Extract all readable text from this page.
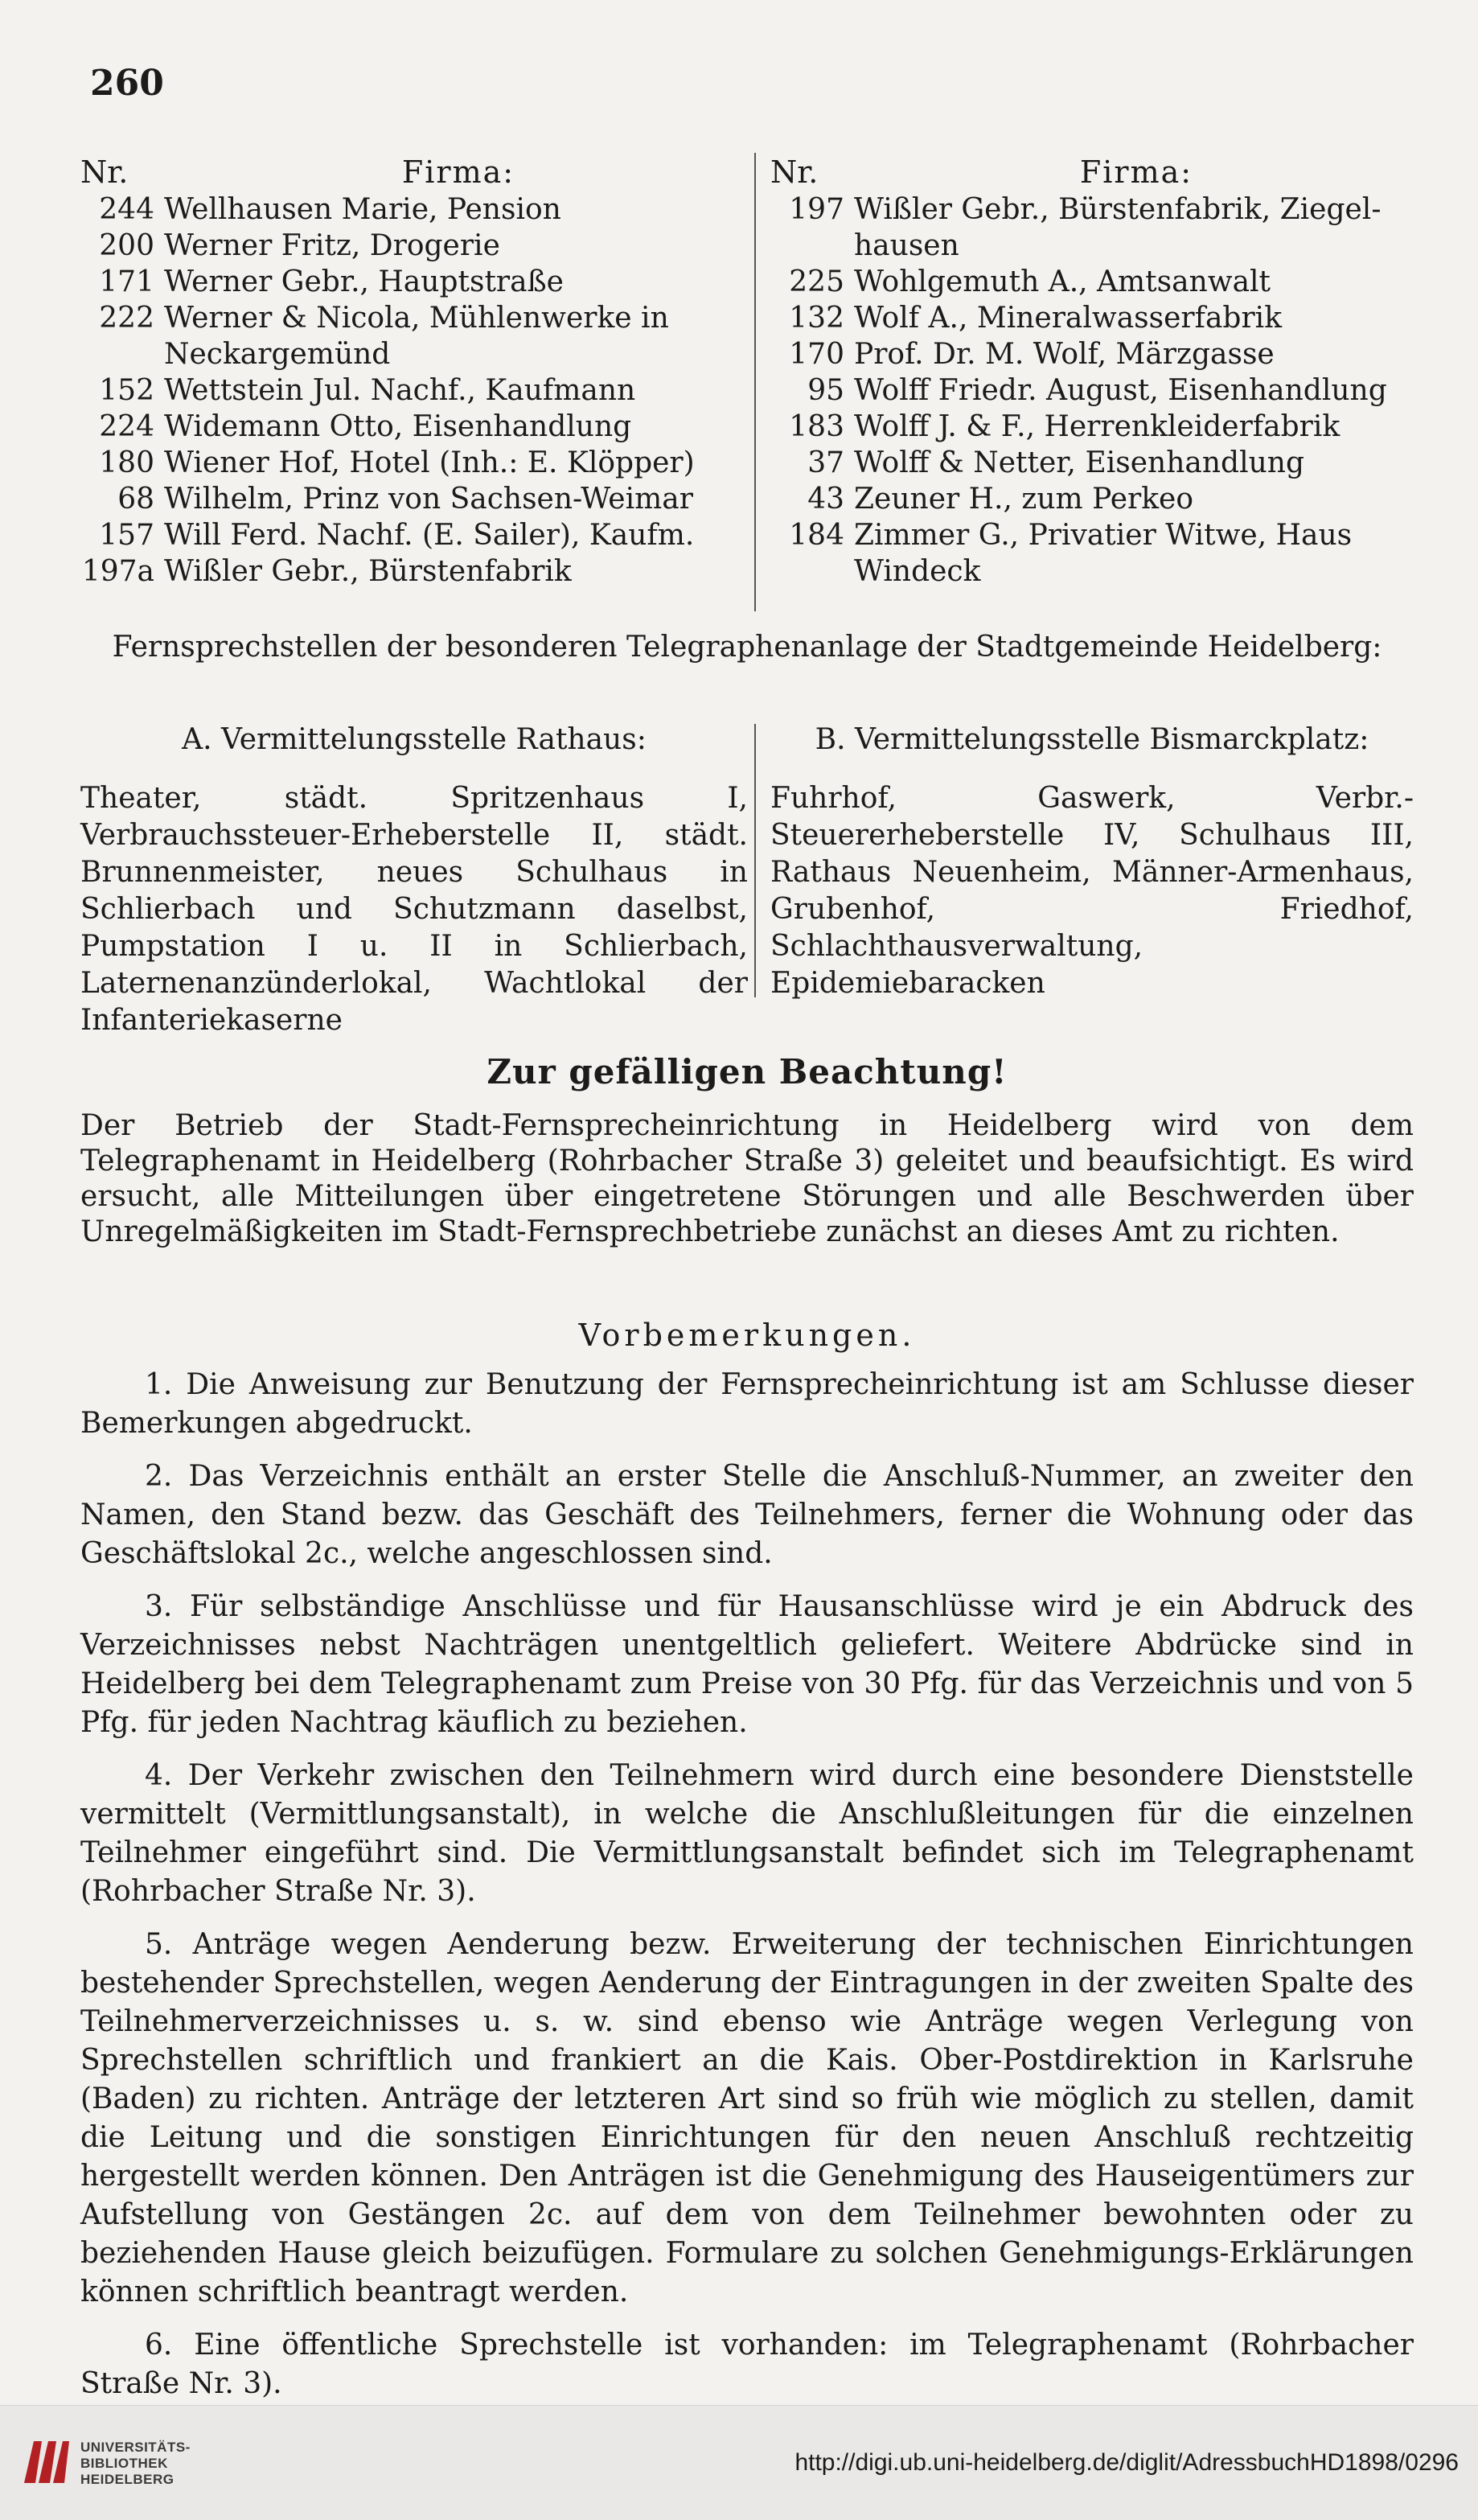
260
Nr.	Firma:
244 Wellhausen Marie, Pension
200 Werner Fritz, Drogerie
171 Werner Gebr., Hauptstraße
222 Werner & Nicola, Mühlenwerke in
Neckargemünd
152 Wettstein Jul. Nachf., Kaufmann
224 Widemann Otto, Eisenhandlung
180 Wiener Hof, Hotel (Inh.: E. Klöpper)
68 Wilhelm, Prinz von Sachsen-Weimar
157 Will Ferd. Nachf. (E. Sailer), Kaufm.
197a Wißler Gebr., Bürstenfabrik
Nr.	Firma:
197 Wißler Gebr., Bürstenfabrik, Ziegel-
hausen
225 Wohlgemuth A., Amtsanwalt
132 Wolf A., Mineralwasserfabrik
170 Prof. Dr. M. Wolf, Märzgasse
95 Wolff Friedr. August, Eisenhandlung
183 Wolff J. & F., Herrenkleiderfabrik
37 Wolff & Netter, Eisenhandlung
43 Zeuner H., zum Perkeo
184 Zimmer G., Privatier Witwe, Haus
Windeck
Fernsprechstellen der besonderen Telegraphenanlage der Stadtgemeinde Heidelberg:
A. Vermittelungsstelle Rathaus:

Theater, städt. Spritzenhaus I, Verbrauchssteuer-Erheberstelle II, städt. Brunnenmeister, neues Schulhaus in Schlierbach und Schutzmann daselbst, Pumpstation I u. II in Schlierbach, Laternenanzünderlokal, Wachtlokal der Infanteriekaserne

B. Vermittelungsstelle Bismarckplatz:

Fuhrhof, Gaswerk, Verbr.-Steuererheberstelle IV, Schulhaus III, Rathaus Neuenheim, Männer-Armenhaus, Grubenhof, Friedhof, Schlachthausverwaltung, Epidemiebaracken

Zur gefälligen Beachtung!

Der Betrieb der Stadt-Fernsprecheinrichtung in Heidelberg wird von dem Telegraphenamt in Heidelberg (Rohrbacher Straße 3) geleitet und beaufsichtigt. Es wird ersucht, alle Mitteilungen über eingetretene Störungen und alle Beschwerden über Unregelmäßigkeiten im Stadt-Fernsprechbetriebe zunächst an dieses Amt zu richten.

Vorbemerkungen.

1. Die Anweisung zur Benutzung der Fernsprecheinrichtung ist am Schlusse dieser Bemerkungen abgedruckt.

2. Das Verzeichnis enthält an erster Stelle die Anschluß-Nummer, an zweiter den Namen, den Stand bezw. das Geschäft des Teilnehmers, ferner die Wohnung oder das Geschäftslokal 2c., welche angeschlossen sind.

3. Für selbständige Anschlüsse und für Hausanschlüsse wird je ein Abdruck des Verzeichnisses nebst Nachträgen unentgeltlich geliefert. Weitere Abdrücke sind in Heidelberg bei dem Telegraphenamt zum Preise von 30 Pfg. für das Verzeichnis und von 5 Pfg. für jeden Nachtrag käuflich zu beziehen.

4. Der Verkehr zwischen den Teilnehmern wird durch eine besondere Dienststelle vermittelt (Vermittlungsanstalt), in welche die Anschlußleitungen für die einzelnen Teilnehmer eingeführt sind. Die Vermittlungsanstalt befindet sich im Telegraphenamt (Rohrbacher Straße Nr. 3).

5. Anträge wegen Aenderung bezw. Erweiterung der technischen Einrichtungen bestehender Sprechstellen, wegen Aenderung der Eintragungen in der zweiten Spalte des Teilnehmerverzeichnisses u. s. w. sind ebenso wie Anträge wegen Verlegung von Sprechstellen schriftlich und frankiert an die Kais. Ober-Postdirektion in Karlsruhe (Baden) zu richten. Anträge der letzteren Art sind so früh wie möglich zu stellen, damit die Leitung und die sonstigen Einrichtungen für den neuen Anschluß rechtzeitig hergestellt werden können. Den Anträgen ist die Genehmigung des Hauseigentümers zur Aufstellung von Gestängen 2c. auf dem von dem Teilnehmer bewohnten oder zu beziehenden Hause gleich beizufügen. Formulare zu solchen Genehmigungs-Erklärungen können schriftlich beantragt werden.

6. Eine öffentliche Sprechstelle ist vorhanden: im Telegraphenamt (Rohrbacher Straße Nr. 3).

UNIVERSITÄTS-
BIBLIOTHEK
HEIDELBERG
http://digi.ub.uni-heidelberg.de/diglit/AdressbuchHD1898/0296
